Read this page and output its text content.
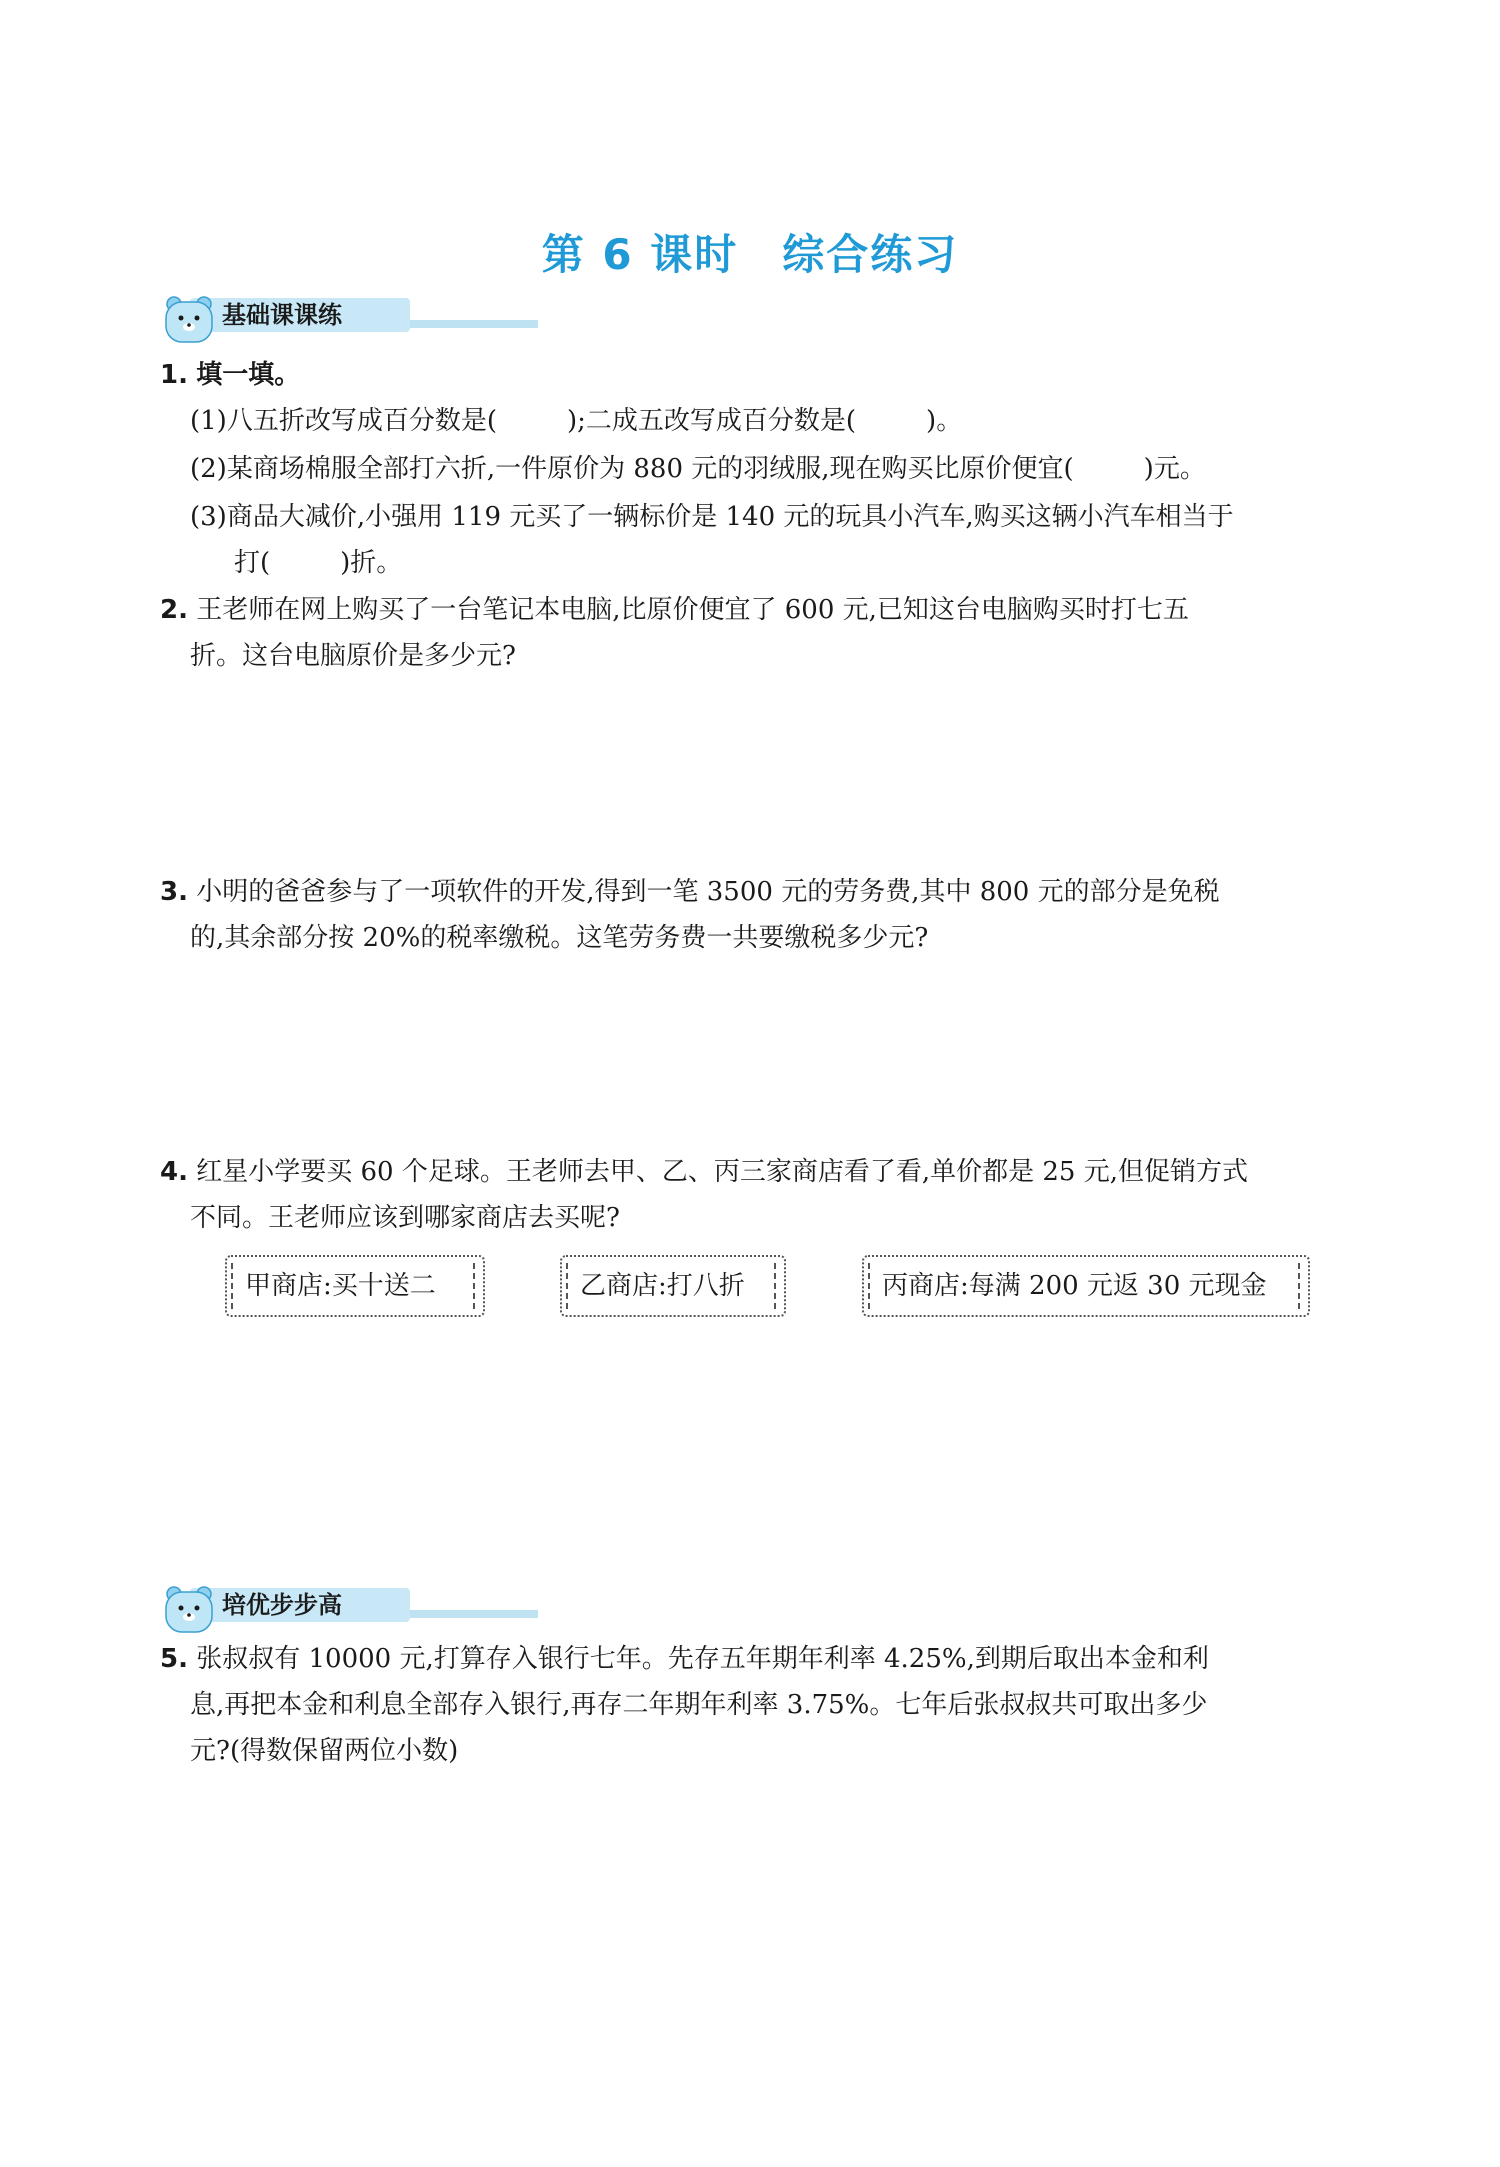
第 6 课时 综合练习
基础课课练
1. 填一填。
(1)八五折改写成百分数是(	);二成五改写成百分数是(	)。
(2)某商场棉服全部打六折,一件原价为 880 元的羽绒服,现在购买比原价便宜(	)元。
(3)商品大减价,小强用 119 元买了一辆标价是 140 元的玩具小汽车,购买这辆小汽车相当于
打(	)折。
2. 王老师在网上购买了一台笔记本电脑,比原价便宜了 600 元,已知这台电脑购买时打七五
折。这台电脑原价是多少元?
3. 小明的爸爸参与了一项软件的开发,得到一笔 3500 元的劳务费,其中 800 元的部分是免税
的,其余部分按 20%的税率缴税。这笔劳务费一共要缴税多少元?
4. 红星小学要买 60 个足球。王老师去甲、乙、丙三家商店看了看,单价都是 25 元,但促销方式
不同。王老师应该到哪家商店去买呢?
甲商店:买十送二	乙商店:打八折	丙商店:每满 200 元返 30 元现金
培优步步高
5. 张叔叔有 10000 元,打算存入银行七年。先存五年期年利率 4.25%,到期后取出本金和利
息,再把本金和利息全部存入银行,再存二年期年利率 3.75%。七年后张叔叔共可取出多少
元?(得数保留两位小数)
